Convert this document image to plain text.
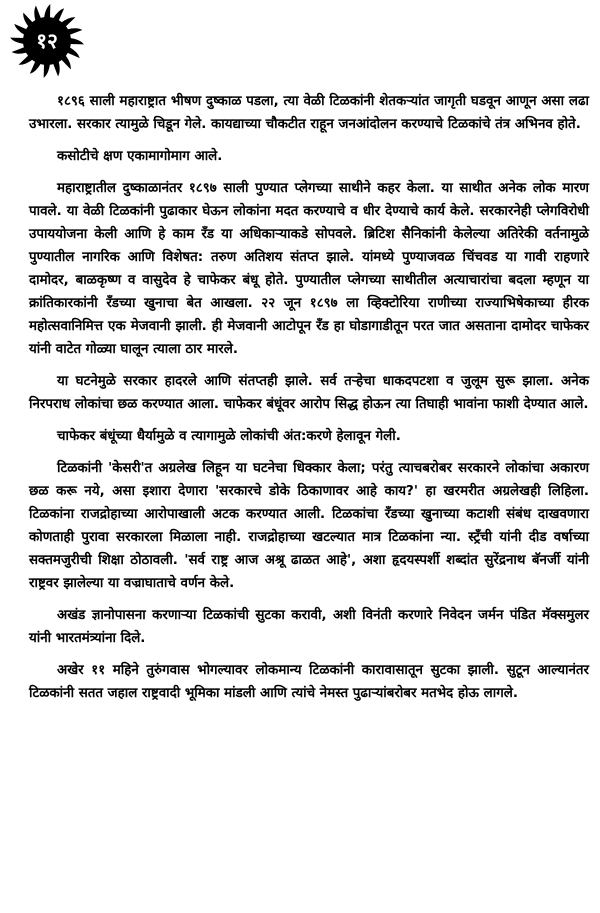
१२

१८९६ साली महाराष्ट्रात भीषण दुष्काळ पडला, त्या वेळी टिळकांनी शेतकऱ्यांत जागृती घडवून आणून असा लढा उभारला. सरकार त्यामुळे चिडून गेले. कायद्याच्या चौकटीत राहून जनआंदोलन करण्याचे टिळकांचे तंत्र अभिनव होते.

कसोटीचे क्षण एकामागोमाग आले.

महाराष्ट्रातील दुष्काळानंतर १८९७ साली पुण्यात प्लेगच्या साथीने कहर केला. या साथीत अनेक लोक मारण पावले. या वेळी टिळकांनी पुढाकार घेऊन लोकांना मदत करण्याचे व धीर देण्याचे कार्य केले. सरकारनेही प्लेगविरोधी उपाययोजना केली आणि हे काम रँड या अधिकाऱ्याकडे सोपवले. ब्रिटिश सैनिकांनी केलेल्या अतिरेकी वर्तनामुळे पुण्यातील नागरिक आणि विशेषत: तरुण अतिशय संतप्त झाले. यांमध्ये पुण्याजवळ चिंचवड या गावी राहणारे दामोदर, बाळकृष्ण व वासुदेव हे चाफेकर बंधू होते. पुण्यातील प्लेगच्या साथीतील अत्याचारांचा बदला म्हणून या क्रांतिकारकांनी रँडच्या खुनाचा बेत आखला. २२ जून १८९७ ला व्हिक्टोरिया राणीच्या राज्याभिषेकाच्या हीरक महोत्सवानिमित्त एक मेजवानी झाली. ही मेजवानी आटोपून रँड हा घोडागाडीतून परत जात असताना दामोदर चाफेकर यांनी वाटेत गोळ्या घालून त्याला ठार मारले.

या घटनेमुळे सरकार हादरले आणि संतप्तही झाले. सर्व तऱ्हेचा धाकदपटशा व जुलूम सुरू झाला. अनेक निरपराध लोकांचा छळ करण्यात आला. चाफेकर बंधूंवर आरोप सिद्ध होऊन त्या तिघाही भावांना फाशी देण्यात आले.

चाफेकर बंधूंच्या धैर्यामुळे व त्यागामुळे लोकांची अंत:करणे हेलावून गेली.

टिळकांनी 'केसरी'त अग्रलेख लिहून या घटनेचा धिक्कार केला; परंतु त्याचबरोबर सरकारने लोकांचा अकारण छळ करू नये, असा इशारा देणारा 'सरकारचे डोके ठिकाणावर आहे काय?' हा खरमरीत अग्रलेखही लिहिला. टिळकांना राजद्रोहाच्या आरोपाखाली अटक करण्यात आली. टिळकांचा रँडच्या खुनाच्या कटाशी संबंध दाखवणारा कोणताही पुरावा सरकारला मिळाला नाही. राजद्रोहाच्या खटल्यात मात्र टिळकांना न्या. स्ट्रँची यांनी दीड वर्षाच्या सक्तमजुरीची शिक्षा ठोठावली. 'सर्व राष्ट्र आज अश्रू ढाळत आहे', अशा हृदयस्पर्शी शब्दांत सुरेंद्रनाथ बॅनर्जी यांनी राष्ट्रवर झालेल्या या वज्राघाताचे वर्णन केले.

अखंड ज्ञानोपासना करणाऱ्या टिळकांची सुटका करावी, अशी विनंती करणारे निवेदन जर्मन पंडित मॅक्समुलर यांनी भारतमंत्र्यांना दिले.

अखेर ११ महिने तुरुंगवास भोगल्यावर लोकमान्य टिळकांनी कारावासातून सुटका झाली. सुटून आल्यानंतर टिळकांनी सतत जहाल राष्ट्रवादी भूमिका मांडली आणि त्यांचे नेमस्त पुढाऱ्यांबरोबर मतभेद होऊ लागले.
